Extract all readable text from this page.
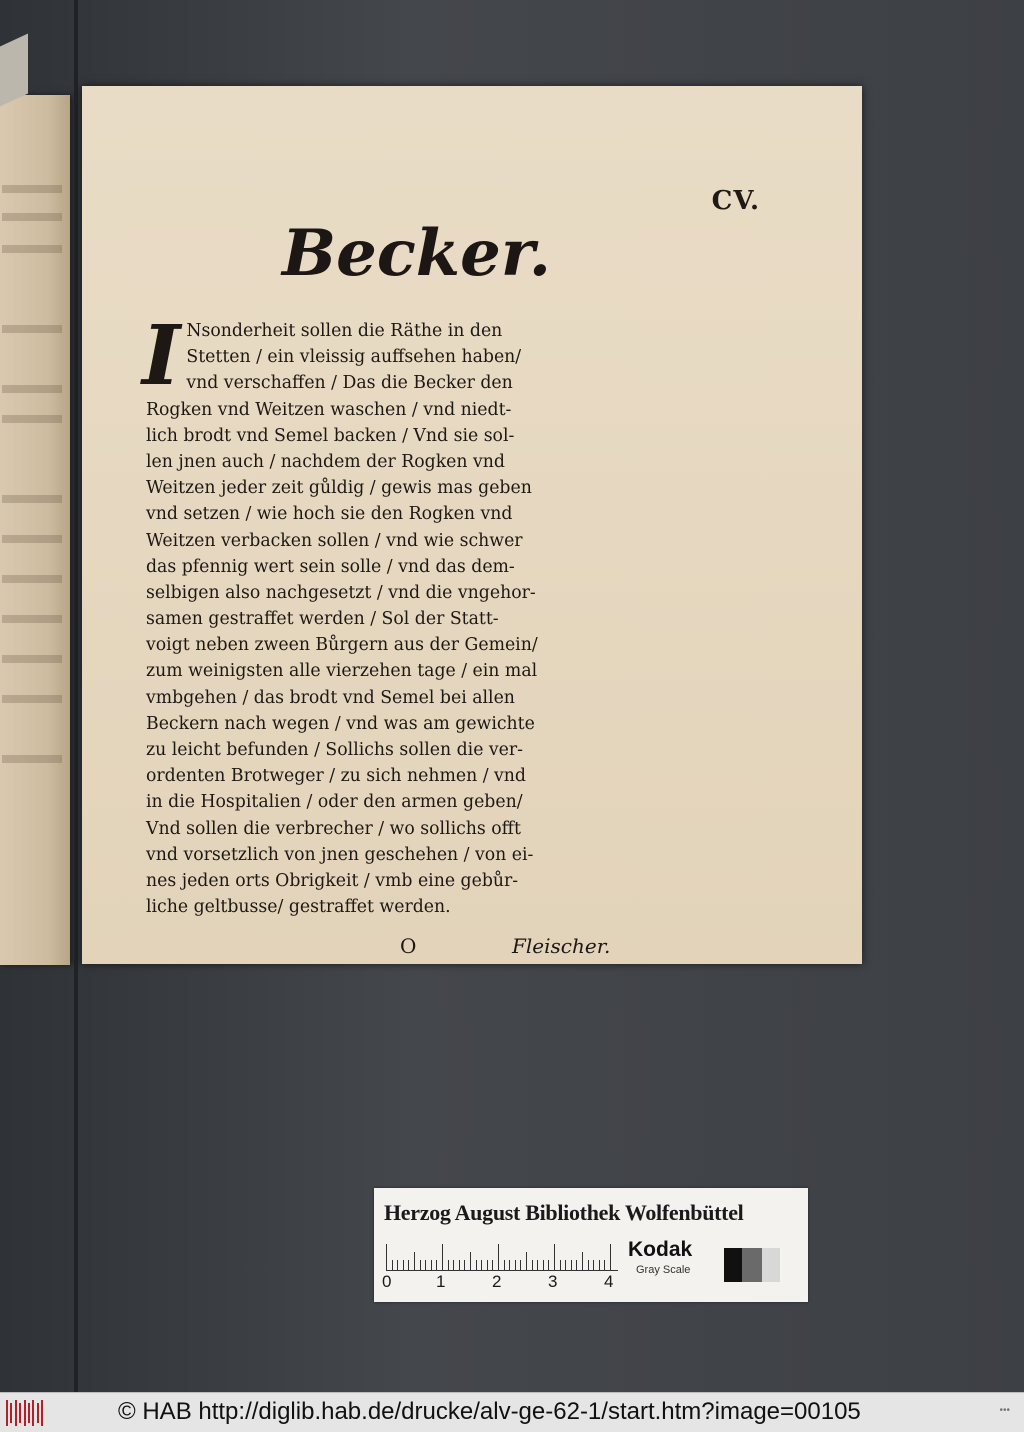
CV.
Becker.
I Nsonderheit sollen die Räthe in den
Stetten / ein vleissig auffsehen haben/
vnd verschaffen / Das die Becker den
Rogken vnd Weitzen waschen / vnd niedt-
lich brodt vnd Semel backen / Vnd sie sol-
len jnen auch / nachdem der Rogken vnd
Weitzen jeder zeit gůldig / gewis mas geben
vnd setzen / wie hoch sie den Rogken vnd
Weitzen verbacken sollen / vnd wie schwer
das pfennig wert sein solle / vnd das dem-
selbigen also nachgesetzt / vnd die vngehor-
samen gestraffet werden / Sol der Statt-
voigt neben zween Bůrgern aus der Gemein/
zum weinigsten alle vierzehen tage / ein mal
vmbgehen / das brodt vnd Semel bei allen
Beckern nach wegen / vnd was am gewichte
zu leicht befunden / Sollichs sollen die ver-
ordenten Brotweger / zu sich nehmen / vnd
in die Hospitalien / oder den armen geben/
Vnd sollen die verbrecher / wo sollichs offt
vnd vorsetzlich von jnen geschehen / von ei-
nes jeden orts Obrigkeit / vmb eine gebůr-
liche geltbusse/ gestraffet werden.
O	Fleischer.
Herzog August Bibliothek Wolfenbüttel
0	1	2	3	4
Kodak
Gray Scale
© HAB http://diglib.hab.de/drucke/alv-ge-62-1/start.htm?image=00105	•••
